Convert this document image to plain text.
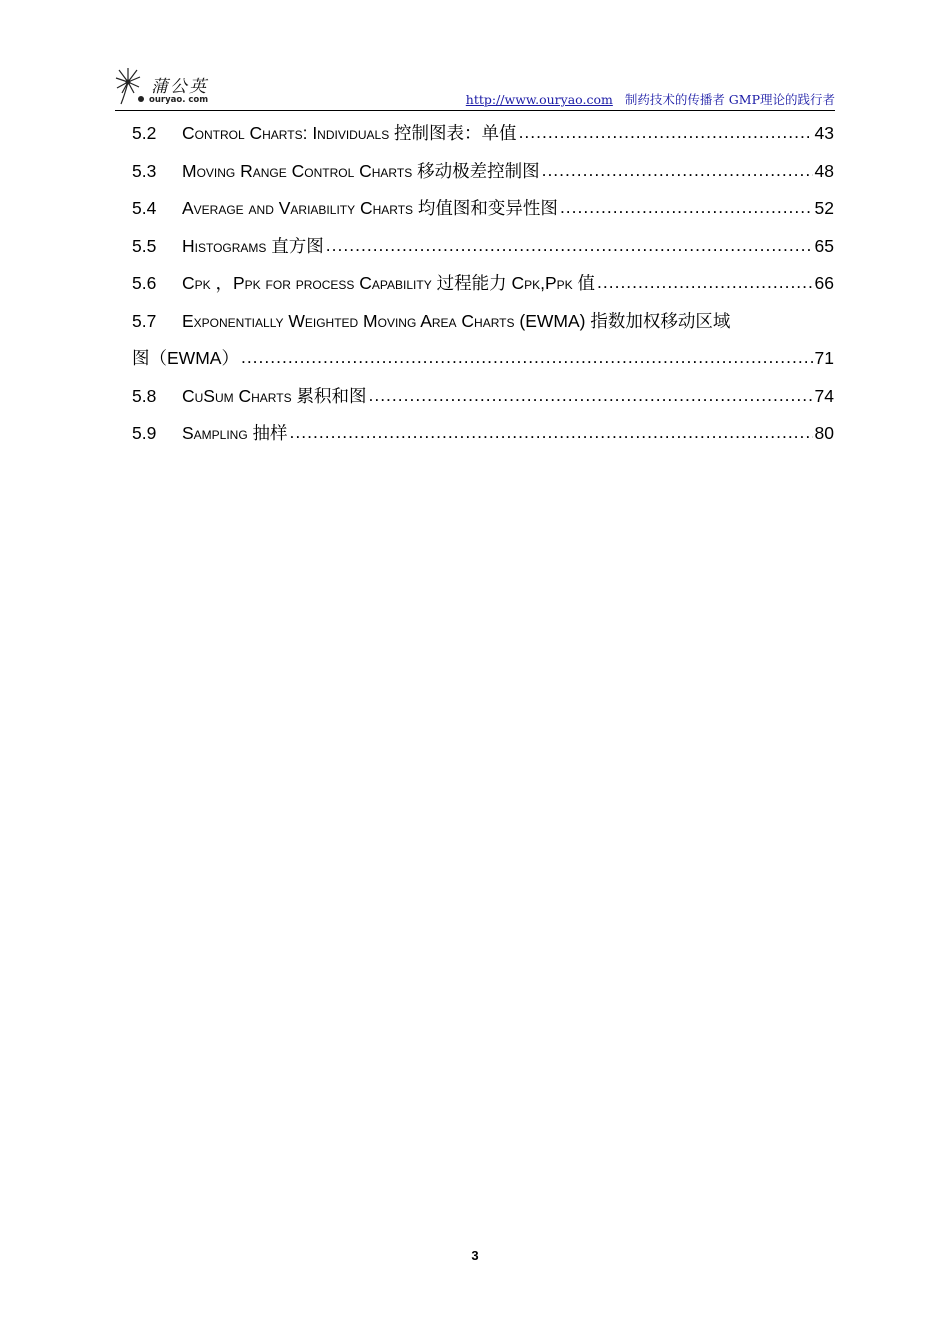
蒲公英
ouryao. com	http://www.ouryao.com 制药技术的传播者 GMP理论的践行者
5.2	Control Charts: Individuals 控制图表：单值 .....	43
5.3	Moving Range Control Charts 移动极差控制图 .....	48
5.4	Average and Variability Charts 均值图和变异性图 .....	52
5.5	Histograms 直方图 .....	65
5.6	Cpk ，Ppk for process Capability 过程能力 Cpk,Ppk 值 .....	66
5.7	Exponentially Weighted Moving Area Charts (EWMA) 指数加权移动区域
图（EWMA） .....	71
5.8	CuSum Charts 累积和图 .....	74
5.9	Sampling 抽样 .....	80
3
